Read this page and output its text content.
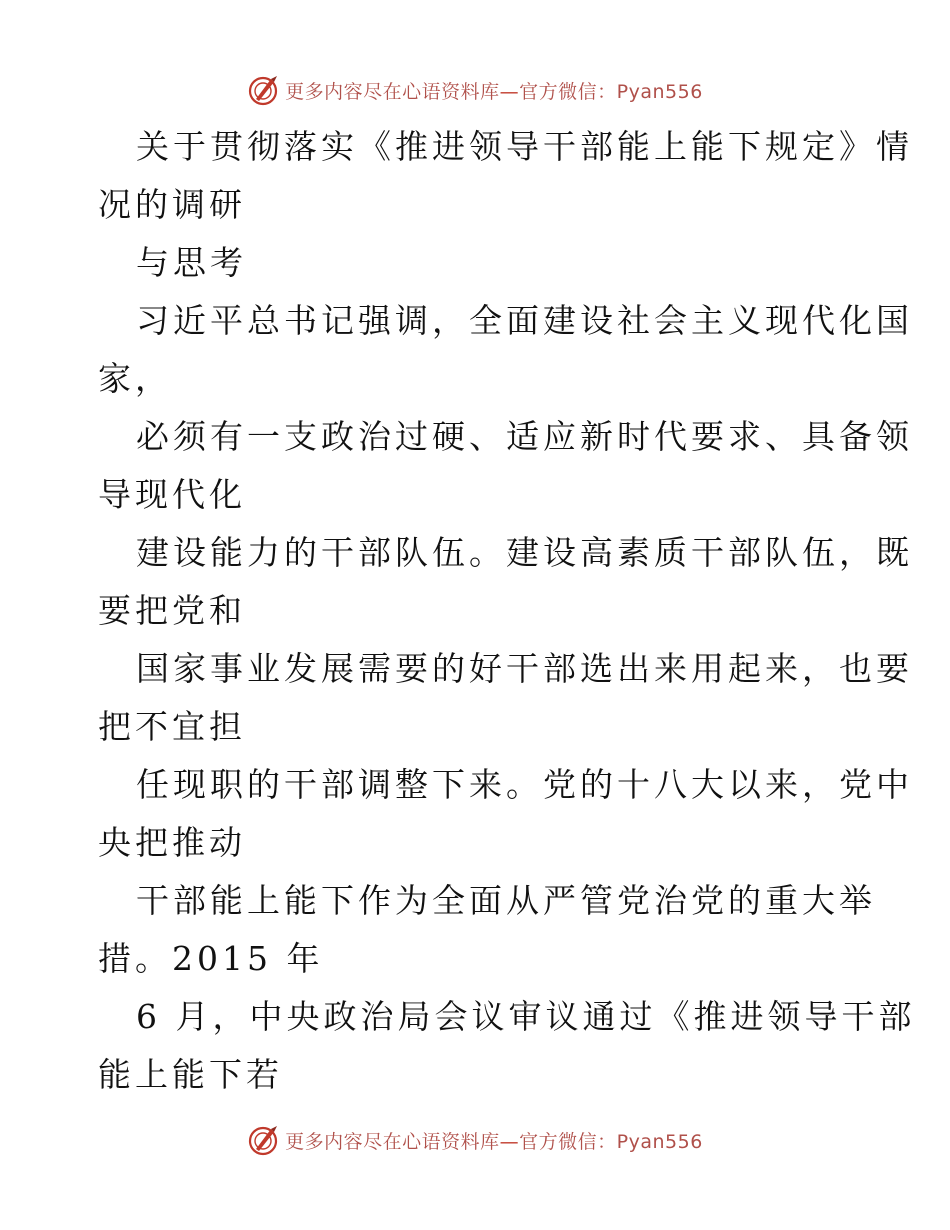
更多内容尽在心语资料库—官方微信：Pyan556
关于贯彻落实《推进领导干部能上能下规定》情
况的调研
与思考
习近平总书记强调，全面建设社会主义现代化国
家，
必须有一支政治过硬、适应新时代要求、具备领
导现代化
建设能力的干部队伍。建设高素质干部队伍，既
要把党和
国家事业发展需要的好干部选出来用起来，也要
把不宜担
任现职的干部调整下来。党的十八大以来，党中
央把推动
干部能上能下作为全面从严管党治党的重大举
措。2015 年
6 月，中央政治局会议审议通过《推进领导干部
能上能下若
更多内容尽在心语资料库—官方微信：Pyan556
